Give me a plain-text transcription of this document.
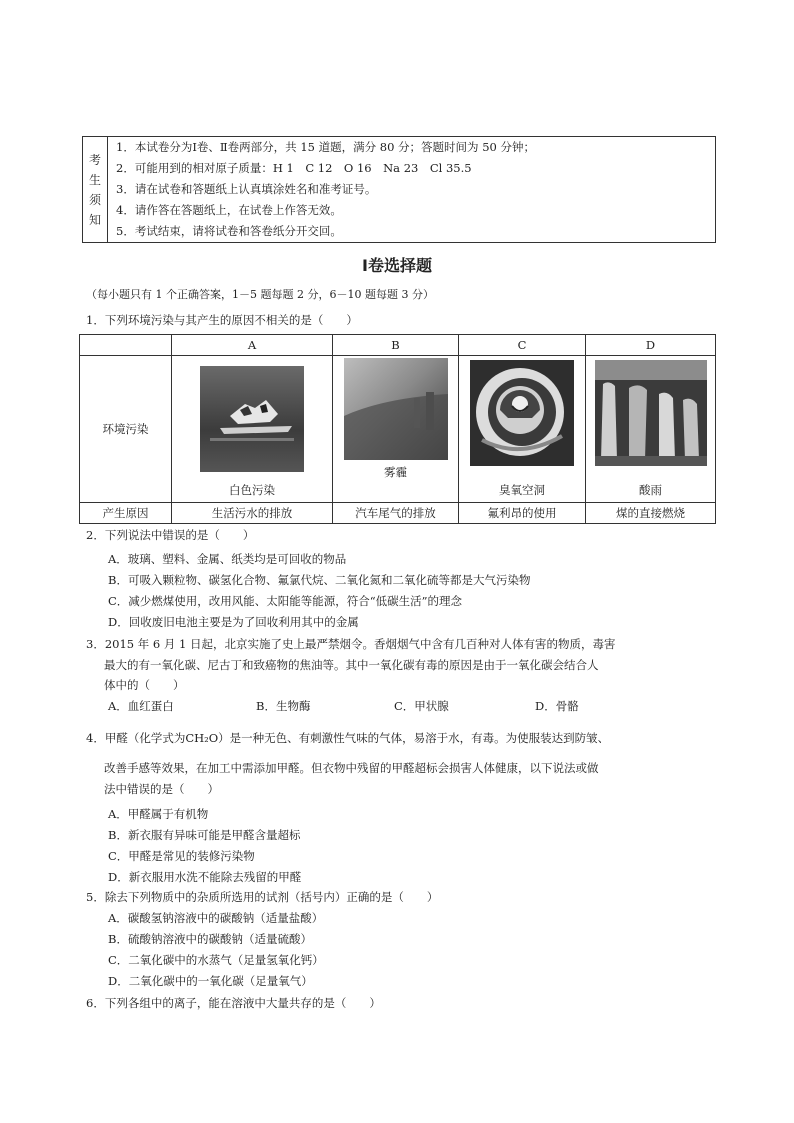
考
生
须
知
1．本试卷分为Ⅰ卷、Ⅱ卷两部分，共 15 道题，满分 80 分；答题时间为 50 分钟；
2．可能用到的相对原子质量：H 1　C 12　O 16　Na 23　Cl 35.5
3．请在试卷和答题纸上认真填涂姓名和准考证号。
4．请作答在答题纸上，在试卷上作答无效。
5．考试结束，请将试卷和答卷纸分开交回。
Ⅰ卷选择题
（每小题只有 1 个正确答案，1－5 题每题 2 分，6－10 题每题 3 分）
1．下列环境污染与其产生的原因不相关的是（　　）
	A	B	C	D
环境污染	白色污染	雾霾	臭氧空洞	酸雨

产生原因	生活污水的排放	汽车尾气的排放	氟利昂的使用	煤的直接燃烧
2．下列说法中错误的是（　　）
A．玻璃、塑料、金属、纸类均是可回收的物品
B．可吸入颗粒物、碳氢化合物、氟氯代烷、二氧化氮和二氧化硫等都是大气污染物
C．减少燃煤使用，改用风能、太阳能等能源，符合“低碳生活”的理念
D．回收废旧电池主要是为了回收利用其中的金属
3．2015 年 6 月 1 日起，北京实施了史上最严禁烟令。香烟烟气中含有几百种对人体有害的物质，毒害
最大的有一氧化碳、尼古丁和致癌物的焦油等。其中一氧化碳有毒的原因是由于一氧化碳会结合人
体中的（　　）
A．血红蛋白	B．生物酶	C．甲状腺	D．骨骼
4．甲醛（化学式为CH₂O）是一种无色、有刺激性气味的气体，易溶于水，有毒。为使服装达到防皱、
改善手感等效果，在加工中需添加甲醛。但衣物中残留的甲醛超标会损害人体健康，以下说法或做
法中错误的是（　　）
A．甲醛属于有机物
B．新衣服有异味可能是甲醛含量超标
C．甲醛是常见的装修污染物
D．新衣服用水洗不能除去残留的甲醛
5．除去下列物质中的杂质所选用的试剂（括号内）正确的是（　　）
A．碳酸氢钠溶液中的碳酸钠（适量盐酸）
B．硫酸钠溶液中的碳酸钠（适量硫酸）
C．二氧化碳中的水蒸气（足量氢氧化钙）
D．二氧化碳中的一氧化碳（足量氧气）
6．下列各组中的离子，能在溶液中大量共存的是（　　）
